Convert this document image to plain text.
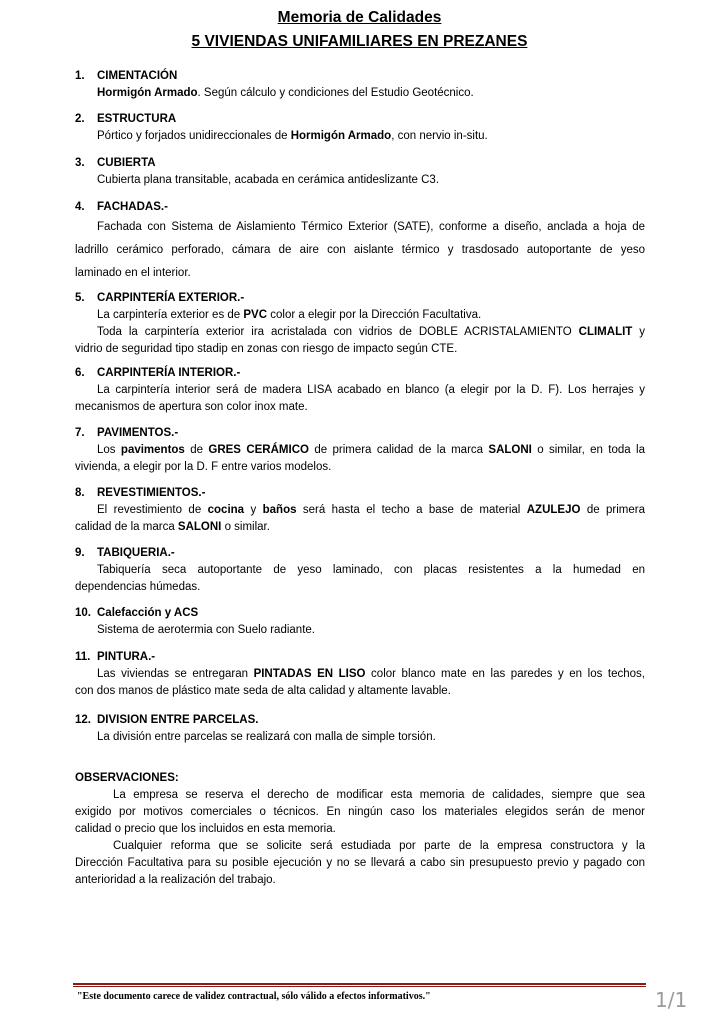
Memoria de Calidades
5 VIVIENDAS UNIFAMILIARES EN PREZANES
1. CIMENTACIÓN
Hormigón Armado. Según cálculo y condiciones del Estudio Geotécnico.
2. ESTRUCTURA
Pórtico y forjados unidireccionales de Hormigón Armado, con nervio in-situ.
3. CUBIERTA
Cubierta plana transitable, acabada en cerámica antideslizante C3.
4. FACHADAS.-
Fachada con Sistema de Aislamiento Térmico Exterior (SATE), conforme a diseño, anclada a hoja de
ladrillo cerámico perforado, cámara de aire con aislante térmico y trasdosado autoportante de yeso
laminado en el interior.
5. CARPINTERÍA EXTERIOR.-
La carpintería exterior es de PVC color a elegir por la Dirección Facultativa.
Toda la carpintería exterior ira acristalada con vidrios de DOBLE ACRISTALAMIENTO CLIMALIT y
vidrio de seguridad tipo stadip en zonas con riesgo de impacto según CTE.
6. CARPINTERÍA INTERIOR.-
La carpintería interior será de madera LISA acabado en blanco (a elegir por la D. F). Los herrajes y
mecanismos de apertura son color inox mate.
7. PAVIMENTOS.-
Los pavimentos de GRES CERÁMICO de primera calidad de la marca SALONI o similar, en toda la
vivienda, a elegir por la D. F entre varios modelos.
8. REVESTIMIENTOS.-
El revestimiento de cocina y baños será hasta el techo a base de material AZULEJO de primera
calidad de la marca SALONI o similar.
9. TABIQUERIA.-
Tabiquería seca autoportante de yeso laminado, con placas resistentes a la humedad en
dependencias húmedas.
10. Calefacción y ACS
Sistema de aerotermia con Suelo radiante.
11. PINTURA.-
Las viviendas se entregaran PINTADAS EN LISO color blanco mate en las paredes y en los techos,
con dos manos de plástico mate seda de alta calidad y altamente lavable.
12. DIVISION ENTRE PARCELAS.
La división entre parcelas se realizará con malla de simple torsión.
OBSERVACIONES:
La empresa se reserva el derecho de modificar esta memoria de calidades, siempre que sea
exigido por motivos comerciales o técnicos. En ningún caso los materiales elegidos serán de menor
calidad o precio que los incluidos en esta memoria.
Cualquier reforma que se solicite será estudiada por parte de la empresa constructora y la
Dirección Facultativa para su posible ejecución y no se llevará a cabo sin presupuesto previo y pagado con
anterioridad a la realización del trabajo.
"Este documento carece de validez contractual, sólo válido a efectos informativos."	1/1
